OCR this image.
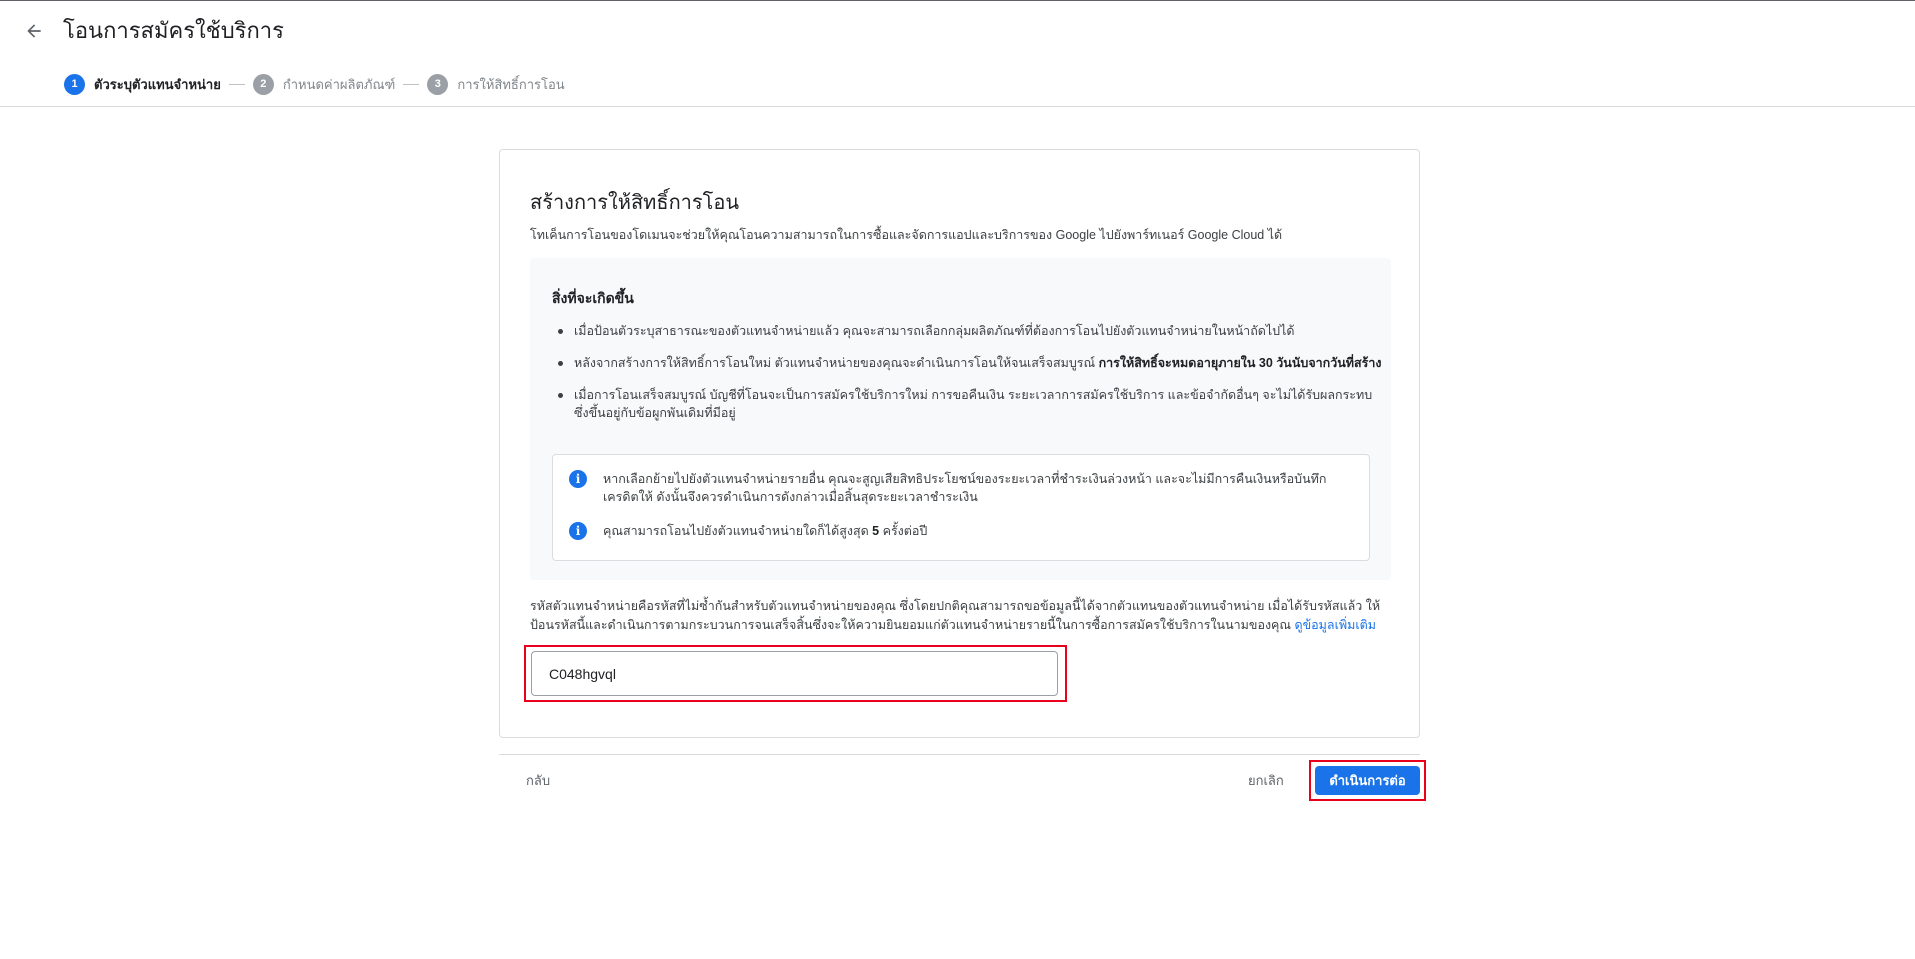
โอนการสมัครใช้บริการ
1	ตัวระบุตัวแทนจำหน่าย	2	กำหนดค่าผลิตภัณฑ์	3	การให้สิทธิ์การโอน
สร้างการให้สิทธิ์การโอน
โทเค็นการโอนของโดเมนจะช่วยให้คุณโอนความสามารถในการซื้อและจัดการแอปและบริการของ Google ไปยังพาร์ทเนอร์ Google Cloud ได้
สิ่งที่จะเกิดขึ้น
เมื่อป้อนตัวระบุสาธารณะของตัวแทนจำหน่ายแล้ว คุณจะสามารถเลือกกลุ่มผลิตภัณฑ์ที่ต้องการโอนไปยังตัวแทนจำหน่ายในหน้าถัดไปได้
หลังจากสร้างการให้สิทธิ์การโอนใหม่ ตัวแทนจำหน่ายของคุณจะดำเนินการโอนให้จนเสร็จสมบูรณ์ การให้สิทธิ์จะหมดอายุภายใน 30 วันนับจากวันที่สร้าง
เมื่อการโอนเสร็จสมบูรณ์ บัญชีที่โอนจะเป็นการสมัครใช้บริการใหม่ การขอคืนเงิน ระยะเวลาการสมัครใช้บริการ และข้อจำกัดอื่นๆ จะไม่ได้รับผลกระทบซึ่งขึ้นอยู่กับข้อผูกพันเดิมที่มีอยู่
i	หากเลือกย้ายไปยังตัวแทนจำหน่ายรายอื่น คุณจะสูญเสียสิทธิประโยชน์ของระยะเวลาที่ชำระเงินล่วงหน้า และจะไม่มีการคืนเงินหรือบันทึกเครดิตให้ ดังนั้นจึงควรดำเนินการดังกล่าวเมื่อสิ้นสุดระยะเวลาชำระเงิน
i	คุณสามารถโอนไปยังตัวแทนจำหน่ายใดก็ได้สูงสุด 5 ครั้งต่อปี
รหัสตัวแทนจำหน่ายคือรหัสที่ไม่ซ้ำกันสำหรับตัวแทนจำหน่ายของคุณ ซึ่งโดยปกติคุณสามารถขอข้อมูลนี้ได้จากตัวแทนของตัวแทนจำหน่าย เมื่อได้รับรหัสแล้ว ให้ป้อนรหัสนี้และดำเนินการตามกระบวนการจนเสร็จสิ้นซึ่งจะให้ความยินยอมแก่ตัวแทนจำหน่ายรายนี้ในการซื้อการสมัครใช้บริการในนามของคุณ ดูข้อมูลเพิ่มเติม
C048hgvql
กลับ	ยกเลิก	ดำเนินการต่อ
